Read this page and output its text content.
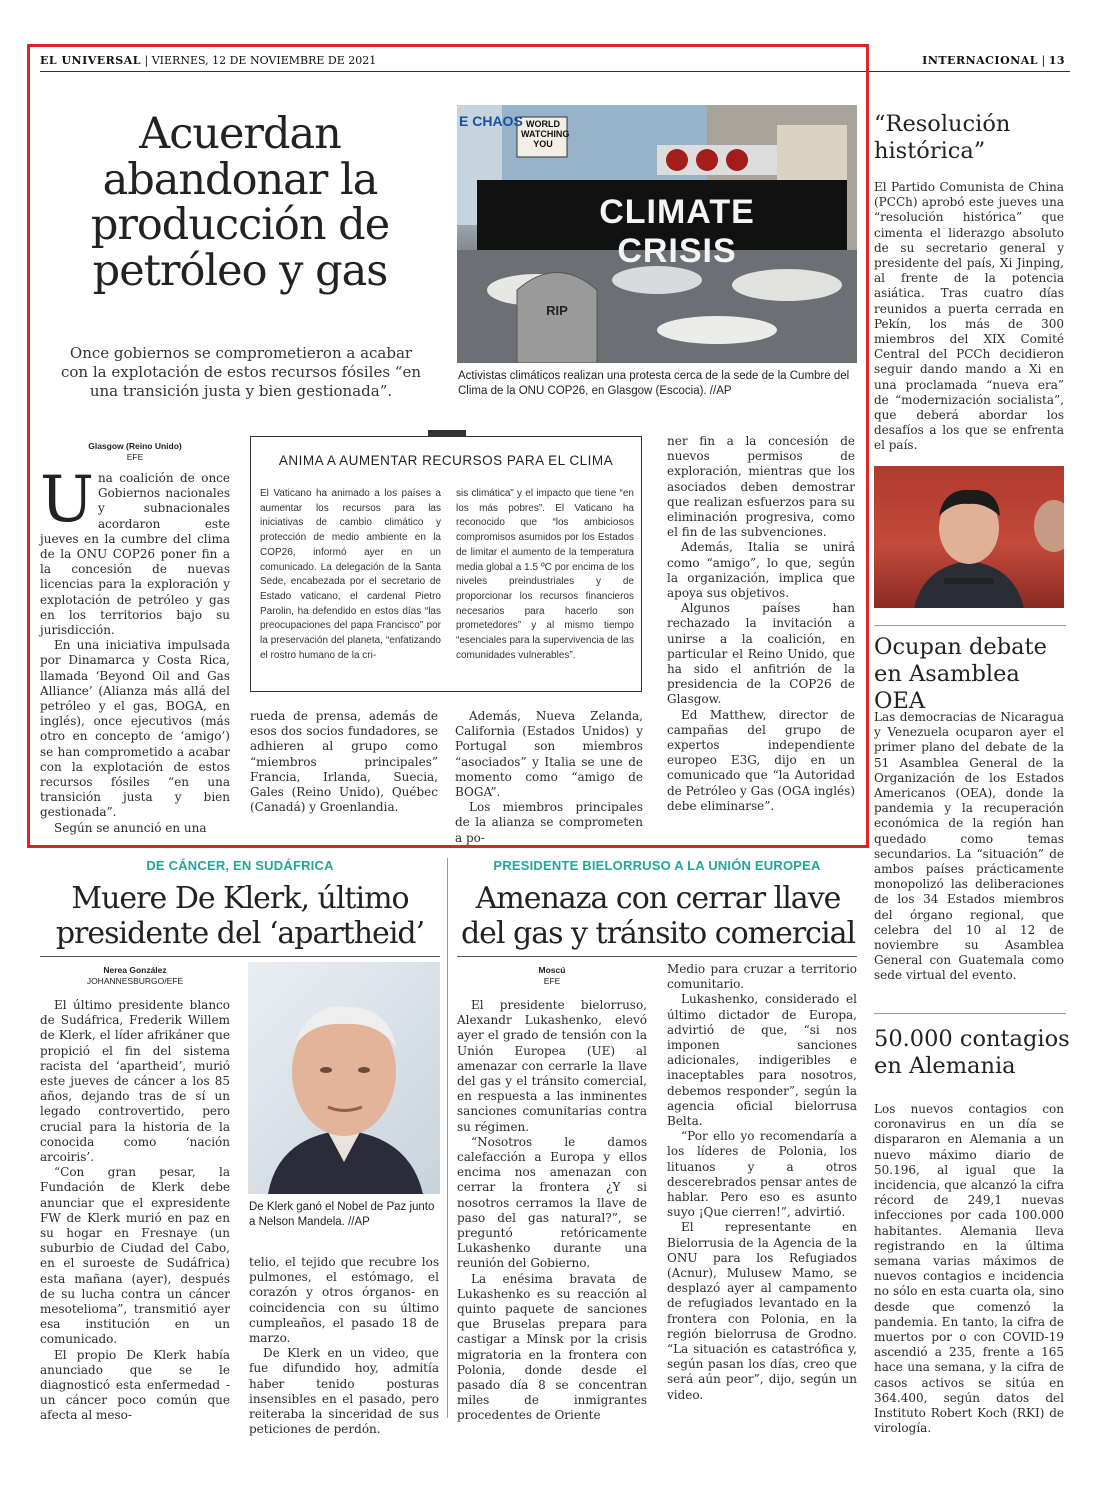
EL UNIVERSAL | VIERNES, 12 DE NOVIEMBRE DE 2021	INTERNACIONAL | 13
Acuerdan
abandonar la
producción de
petróleo y gas
Once gobiernos se comprometieron a acabar con la explotación de estos recursos fósiles “en una transición justa y bien gestionada”.
CLIMATE CRISIS
WORLD WATCHING YOU
E CHAOS
RIP
Activistas climáticos realizan una protesta cerca de la sede de la Cumbre del Clima de la ONU COP26, en Glasgow (Escocia). //AP
Glasgow (Reino Unido)
EFE
U na coalición de once Gobiernos nacionales y subnacionales acordaron este jueves en la cumbre del clima de la ONU COP26 poner fin a la concesión de nuevas licencias para la exploración y explotación de petróleo y gas en los territorios bajo su jurisdicción.

En una iniciativa impulsada por Dinamarca y Costa Rica, llamada ‘Beyond Oil and Gas Alliance’ (Alianza más allá del petróleo y el gas, BOGA, en inglés), once ejecutivos (más otro en concepto de ‘amigo’) se han comprometido a acabar con la explotación de estos recursos fósiles “en una transición justa y bien gestionada”.

Según se anunció en una

ANIMA A AUMENTAR RECURSOS PARA EL CLIMA
El Vaticano ha animado a los países a aumentar los recursos para las iniciativas de cambio climático y protección de medio ambiente en la COP26, informó ayer en un comunicado. La delegación de la Santa Sede, encabezada por el secretario de Estado vaticano, el cardenal Pietro Parolin, ha defendido en estos días “las preocupaciones del papa Francisco” por la preservación del planeta, “enfatizando el rostro humano de la cri-
sis climática” y el impacto que tiene “en los más pobres”. El Vaticano ha reconocido que “los ambiciosos compromisos asumidos por los Estados de limitar el aumento de la temperatura media global a 1.5 ºC por encima de los niveles preindustriales y de proporcionar los recursos financieros necesarios para hacerlo son prometedores” y al mismo tiempo “esenciales para la supervivencia de las comunidades vulnerables”.
rueda de prensa, además de esos dos socios fundadores, se adhieren al grupo como “miembros principales” Francia, Irlanda, Suecia, Gales (Reino Unido), Québec (Canadá) y Groenlandia.

Además, Nueva Zelanda, California (Estados Unidos) y Portugal son miembros “asociados” y Italia se une de momento como “amigo de BOGA”.

Los miembros principales de la alianza se comprometen a po-

ner fin a la concesión de nuevos permisos de exploración, mientras que los asociados deben demostrar que realizan esfuerzos para su eliminación progresiva, como el fin de las subvenciones.

Además, Italia se unirá como “amigo”, lo que, según la organización, implica que apoya sus objetivos.

Algunos países han rechazado la invitación a unirse a la coalición, en particular el Reino Unido, que ha sido el anfitrión de la presidencia de la COP26 de Glasgow.

Ed Matthew, director de campañas del grupo de expertos independiente europeo E3G, dijo en un comunicado que “la Autoridad de Petróleo y Gas (OGA inglés) debe eliminarse”.

DE CÁNCER, EN SUDÁFRICA
Muere De Klerk, último
presidente del ‘apartheid’
Nerea González
JOHANNESBURGO/EFE

El último presidente blanco de Sudáfrica, Frederik Willem de Klerk, el líder afrikáner que propició el fin del sistema racista del ‘apartheid’, murió este jueves de cáncer a los 85 años, dejando tras de sí un legado controvertido, pero crucial para la historia de la conocida como ‘nación arcoiris’.

“Con gran pesar, la Fundación de Klerk debe anunciar que el expresidente FW de Klerk murió en paz en su hogar en Fresnaye (un suburbio de Ciudad del Cabo, en el suroeste de Sudáfrica) esta mañana (ayer), después de su lucha contra un cáncer mesotelioma”, transmitió ayer esa institución en un comunicado.

El propio De Klerk había anunciado que se le diagnosticó esta enfermedad -un cáncer poco común que afecta al meso-

De Klerk ganó el Nobel de Paz junto a Nelson Mandela. //AP

telio, el tejido que recubre los pulmones, el estómago, el corazón y otros órganos- en coincidencia con su último cumpleaños, el pasado 18 de marzo.

De Klerk en un video, que fue difundido hoy, admitía haber tenido posturas insensibles en el pasado, pero reiteraba la sinceridad de sus peticiones de perdón.

PRESIDENTE BIELORRUSO A LA UNIÓN EUROPEA
Amenaza con cerrar llave
del gas y tránsito comercial
Moscú
EFE

El presidente bielorruso, Alexandr Lukashenko, elevó ayer el grado de tensión con la Unión Europea (UE) al amenazar con cerrarle la llave del gas y el tránsito comercial, en respuesta a las inminentes sanciones comunitarias contra su régimen.

“Nosotros le damos calefacción a Europa y ellos encima nos amenazan con cerrar la frontera ¿Y si nosotros cerramos la llave de paso del gas natural?”, se preguntó retóricamente Lukashenko durante una reunión del Gobierno.

La enésima bravata de Lukashenko es su reacción al quinto paquete de sanciones que Bruselas prepara para castigar a Minsk por la crisis migratoria en la frontera con Polonia, donde desde el pasado día 8 se concentran miles de inmigrantes procedentes de Oriente

Medio para cruzar a territorio comunitario.

Lukashenko, considerado el último dictador de Europa, advirtió de que, “si nos imponen sanciones adicionales, indigeribles e inaceptables para nosotros, debemos responder”, según la agencia oficial bielorrusa Belta.

“Por ello yo recomendaría a los líderes de Polonia, los lituanos y a otros descerebrados pensar antes de hablar. Pero eso es asunto suyo ¡Que cierren!”, advirtió.

El representante en Bielorrusia de la Agencia de la ONU para los Refugiados (Acnur), Mulusew Mamo, se desplazó ayer al campamento de refugiados levantado en la frontera con Polonia, en la región bielorrusa de Grodno. “La situación es catastrófica y, según pasan los días, creo que será aún peor”, dijo, según un video.

“Resolución histórica”
El Partido Comunista de China (PCCh) aprobó este jueves una “resolución histórica” que cimenta el liderazgo absoluto de su secretario general y presidente del país, Xi Jinping, al frente de la potencia asiática. Tras cuatro días reunidos a puerta cerrada en Pekín, los más de 300 miembros del XIX Comité Central del PCCh decidieron seguir dando mando a Xi en una proclamada “nueva era” de “modernización socialista”, que deberá abordar los desafíos a los que se enfrenta el país.
Ocupan debate en Asamblea OEA
Las democracias de Nicaragua y Venezuela ocuparon ayer el primer plano del debate de la 51 Asamblea General de la Organización de los Estados Americanos (OEA), donde la pandemia y la recuperación económica de la región han quedado como temas secundarios. La “situación” de ambos países prácticamente monopolizó las deliberaciones de los 34 Estados miembros del órgano regional, que celebra del 10 al 12 de noviembre su Asamblea General con Guatemala como sede virtual del evento.
50.000 contagios en Alemania
Los nuevos contagios con coronavirus en un día se dispararon en Alemania a un nuevo máximo diario de 50.196, al igual que la incidencia, que alcanzó la cifra récord de 249,1 nuevas infecciones por cada 100.000 habitantes. Alemania lleva registrando en la última semana varias máximos de nuevos contagios e incidencia no sólo en esta cuarta ola, sino desde que comenzó la pandemia. En tanto, la cifra de muertos por o con COVID-19 ascendió a 235, frente a 165 hace una semana, y la cifra de casos activos se sitúa en 364.400, según datos del Instituto Robert Koch (RKI) de virología.
